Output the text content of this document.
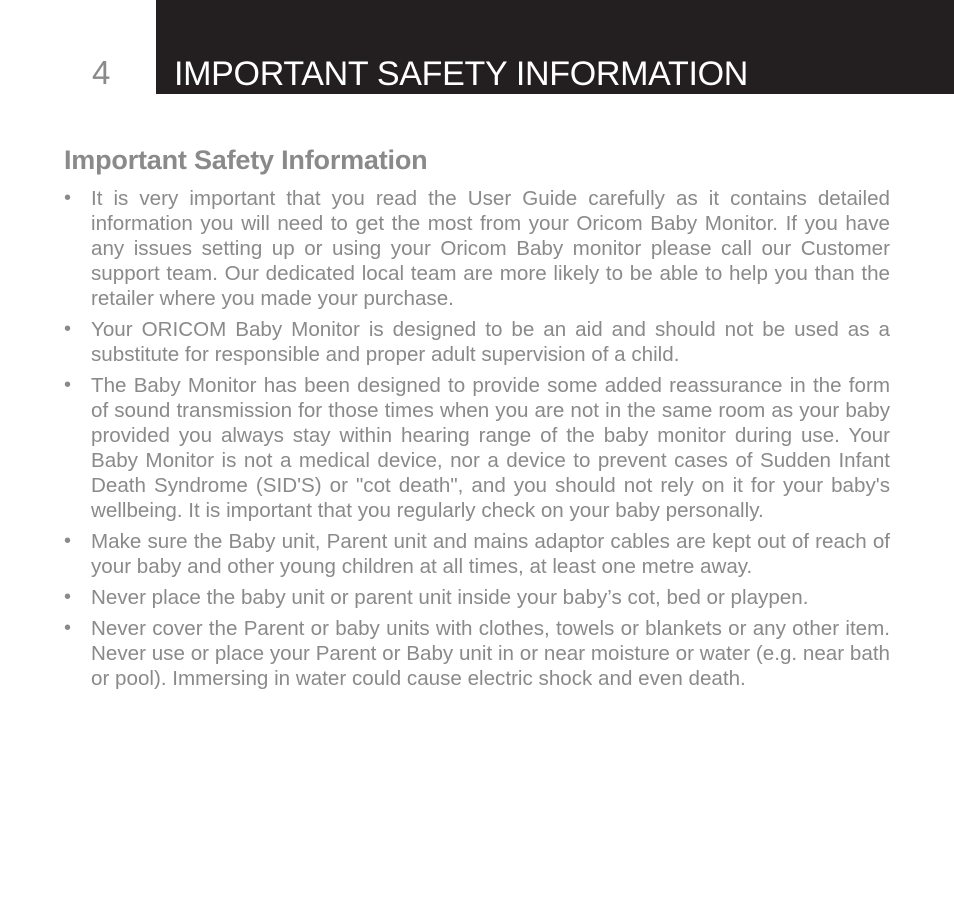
4 IMPORTANT SAFETY INFORMATION
Important Safety Information
• It is very important that you read the User Guide carefully as it contains detailed information you will need to get the most from your Oricom Baby Monitor. If you have any issues setting up or using your Oricom Baby monitor please call our Customer support team. Our dedicated local team are more likely to be able to help you than the retailer where you made your purchase.
• Your ORICOM Baby Monitor is designed to be an aid and should not be used as a substitute for responsible and proper adult supervision of a child.
• The Baby Monitor has been designed to provide some added reassurance in the form of sound transmission for those times when you are not in the same room as your baby provided you always stay within hearing range of the baby monitor during use. Your Baby Monitor is not a medical device, nor a device to prevent cases of Sudden Infant Death Syndrome (SID'S) or "cot death", and you should not rely on it for your baby's wellbeing. It is important that you regularly check on your baby personally.
• Make sure the Baby unit, Parent unit and mains adaptor cables are kept out of reach of your baby and other young children at all times, at least one metre away.
• Never place the baby unit or parent unit inside your baby’s cot, bed or playpen.
• Never cover the Parent or baby units with clothes, towels or blankets or any other item. Never use or place your Parent or Baby unit in or near moisture or water (e.g. near bath or pool). Immersing in water could cause electric shock and even death.
